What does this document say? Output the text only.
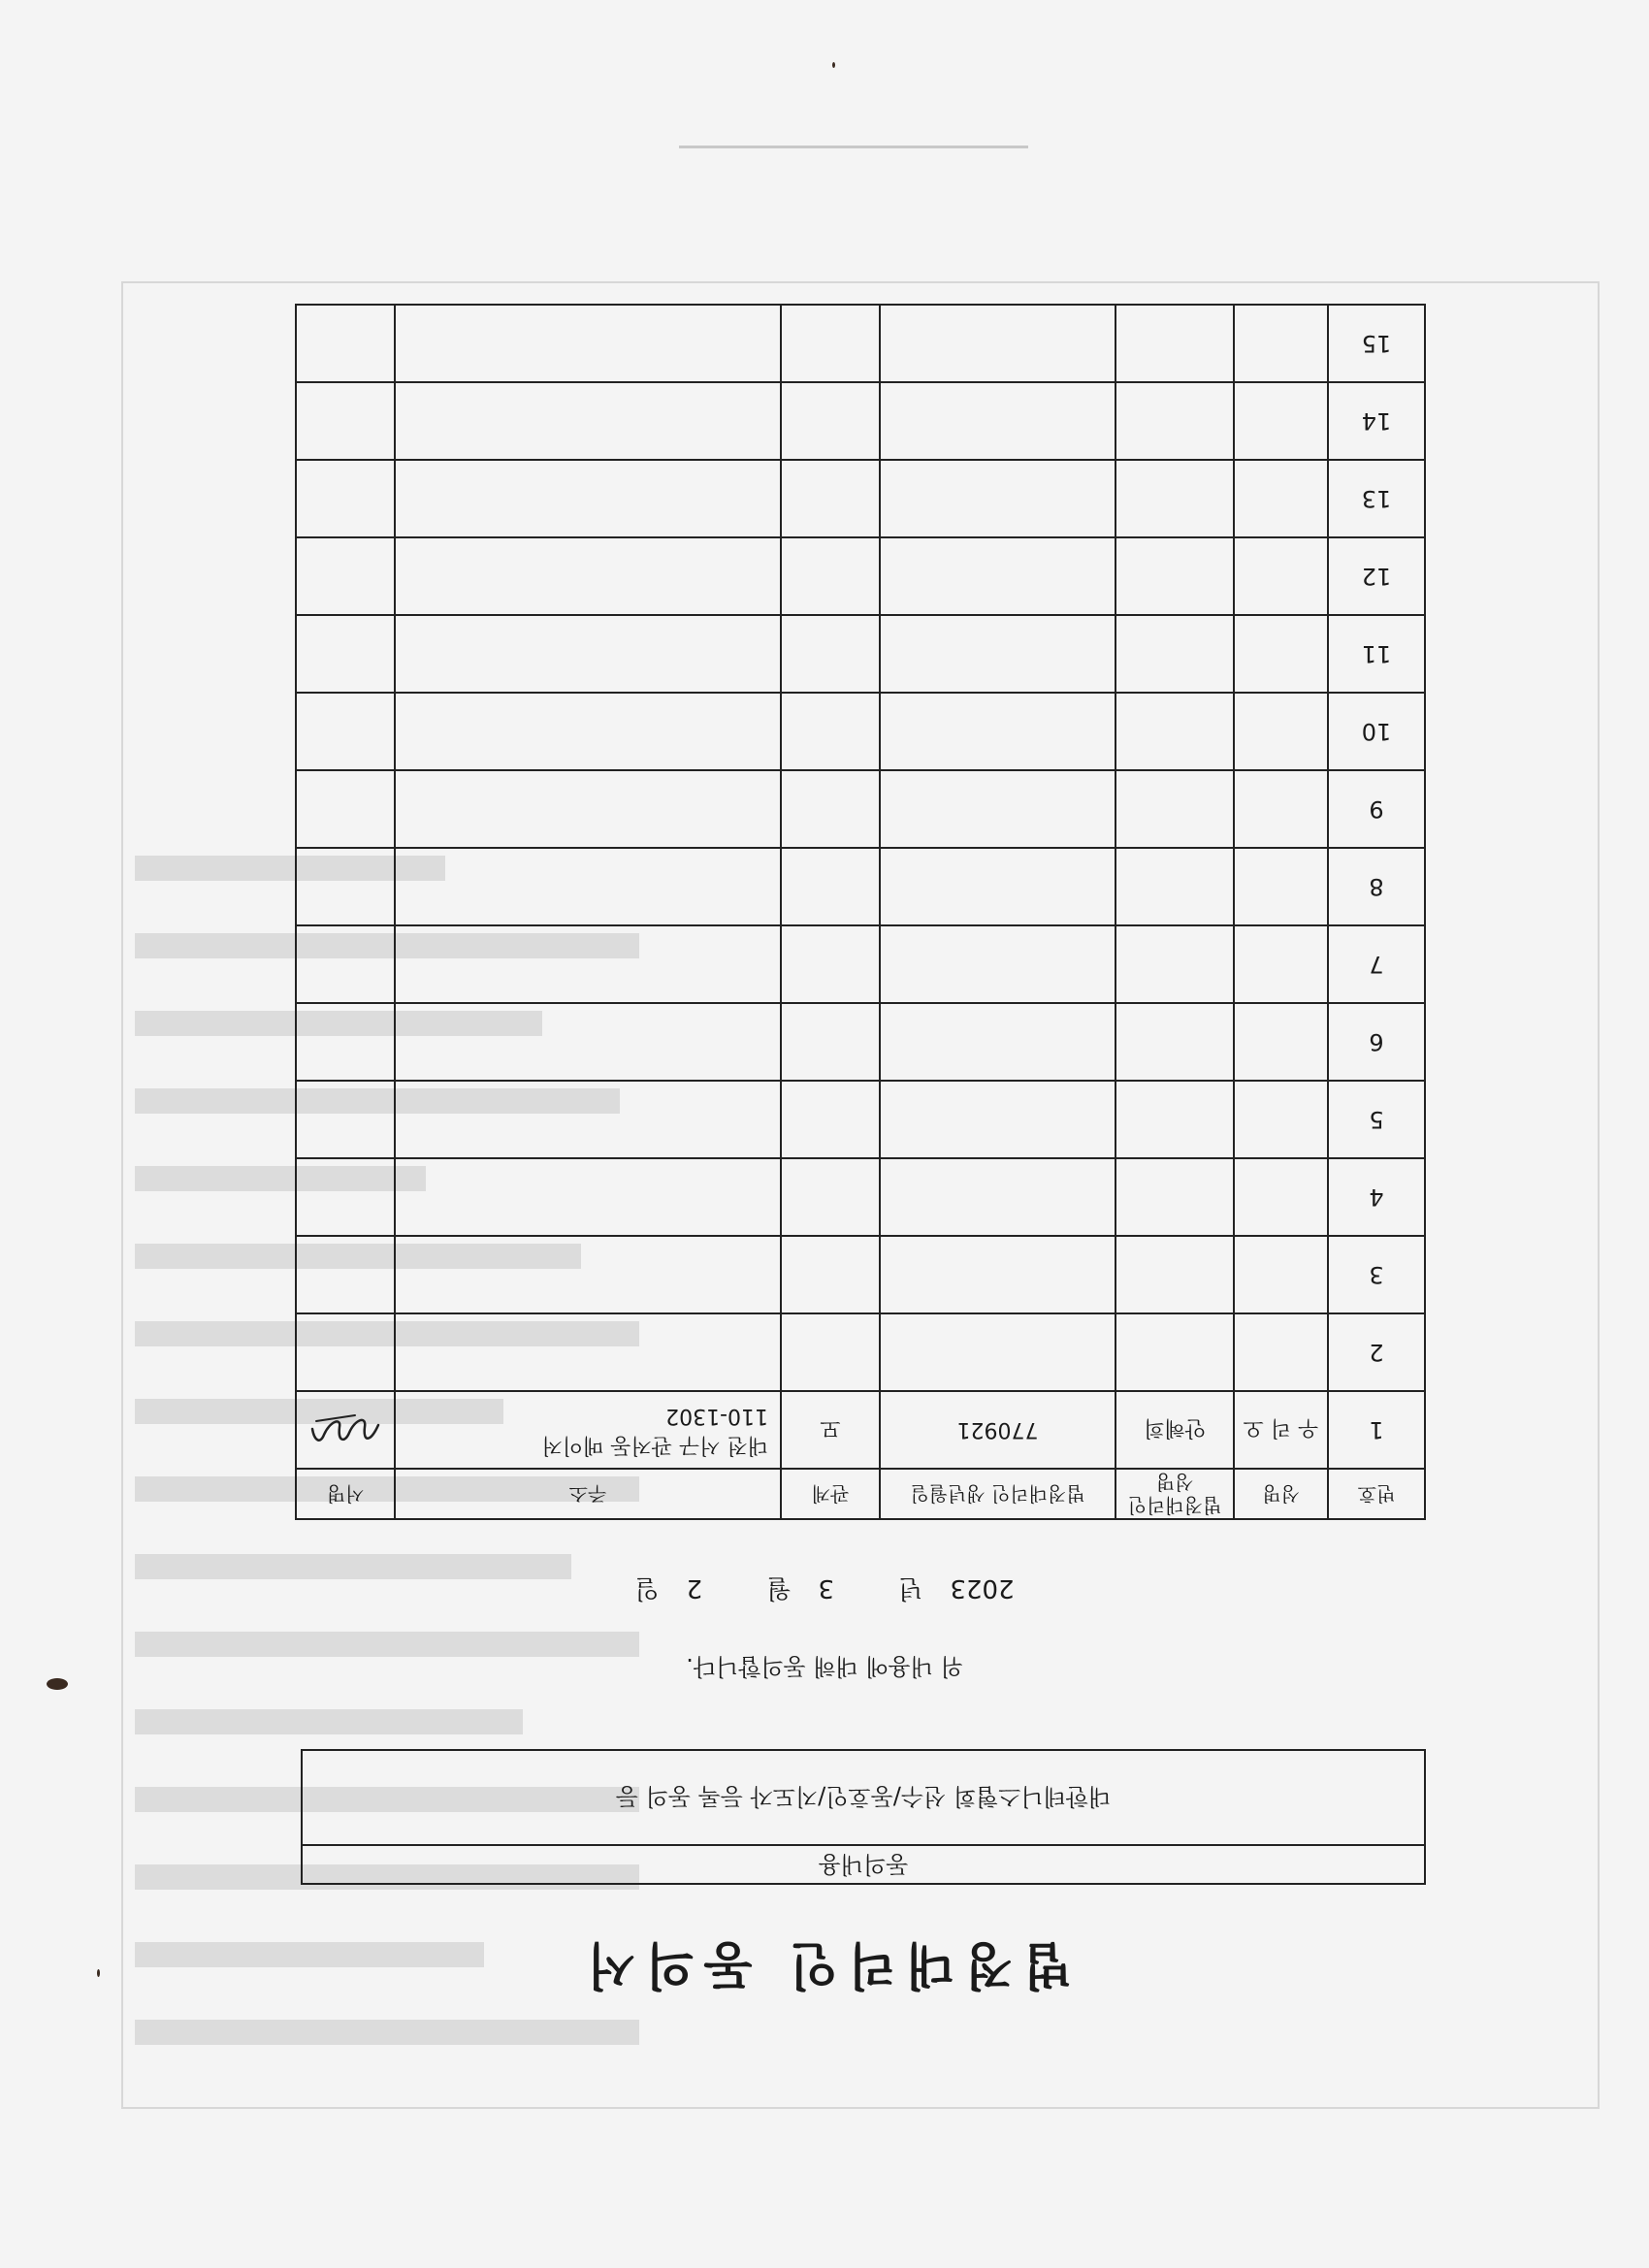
법정대리인 동의서
동의내용
대한테니스협회 선수/동호인/지도자 등록 동의 등
위 내용에 대해 동의합니다.
2023년 3월 2일
번호	성명	법정대리인 성명	법정대리인 생년월일	관계	주소	서명
1	우 리 오	안혜희	770921	모	대전 서구 관저동 메이저
110-1302

2						
3						
4						
5						
6						
7						
8						
9						
10						
11						
12						
13						
14						
15						
